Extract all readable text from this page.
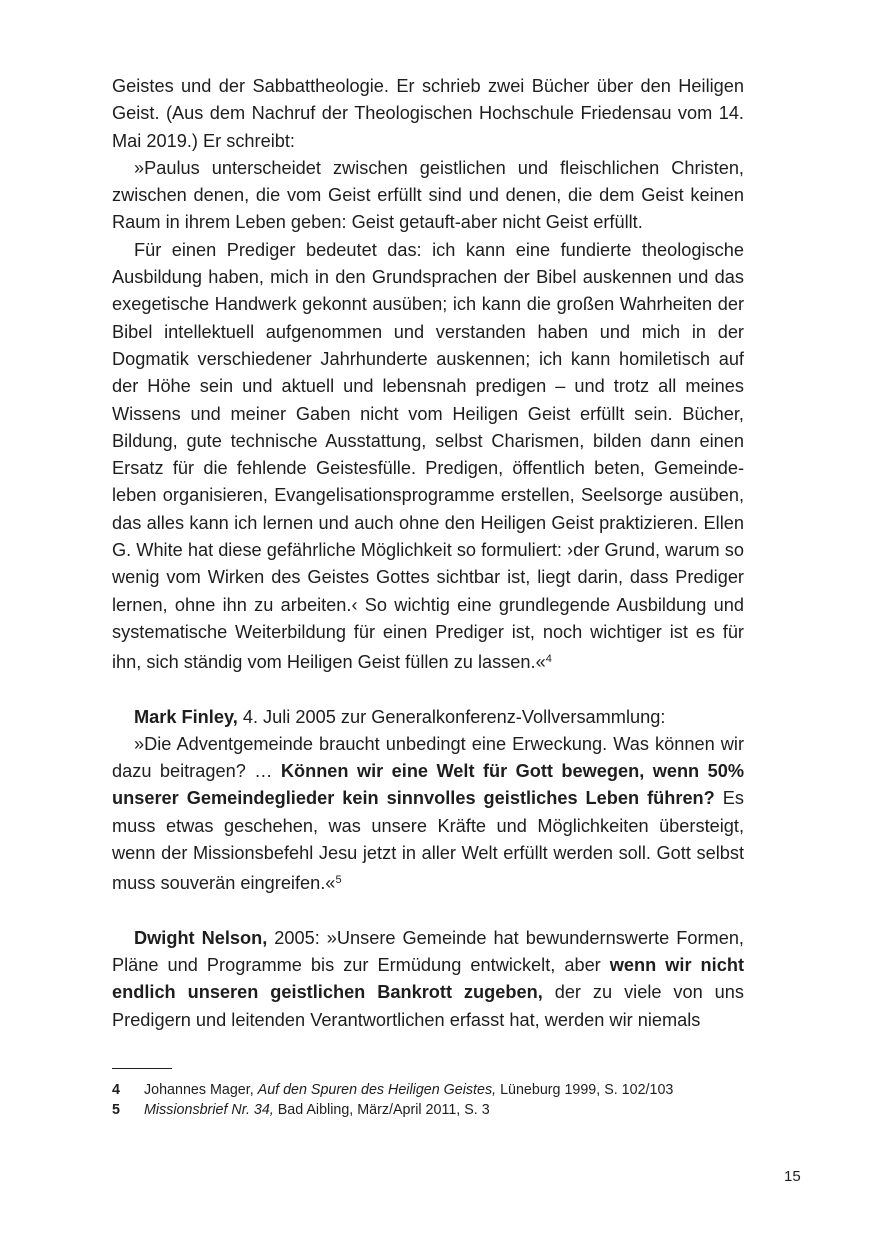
Geistes und der Sabbattheologie. Er schrieb zwei Bücher über den Heiligen Geist. (Aus dem Nachruf der Theologischen Hochschule Friedensau vom 14. Mai 2019.) Er schreibt:

»Paulus unterscheidet zwischen geistlichen und fleischlichen Christen, zwischen denen, die vom Geist erfüllt sind und denen, die dem Geist keinen Raum in ihrem Leben geben: Geist getauft-aber nicht Geist erfüllt.

Für einen Prediger bedeutet das: ich kann eine fundierte theologische Ausbildung haben, mich in den Grundsprachen der Bibel auskennen und das exegetische Handwerk gekonnt ausüben; ich kann die großen Wahrheiten der Bibel intellektuell aufgenommen und verstanden haben und mich in der Dogmatik verschiedener Jahrhunderte auskennen; ich kann homiletisch auf der Höhe sein und aktuell und lebensnah predigen – und trotz all meines Wissens und meiner Gaben nicht vom Heiligen Geist erfüllt sein. Bücher, Bildung, gute technische Ausstattung, selbst Charismen, bilden dann einen Ersatz für die fehlende Geistesfülle. Predigen, öffentlich beten, Gemeindeleben organisieren, Evangelisationsprogramme erstellen, Seelsorge ausüben, das alles kann ich lernen und auch ohne den Heiligen Geist praktizieren. Ellen G. White hat diese gefährliche Möglichkeit so formuliert: ›der Grund, warum so wenig vom Wirken des Geistes Gottes sichtbar ist, liegt darin, dass Prediger lernen, ohne ihn zu arbeiten.‹ So wichtig eine grundlegende Ausbildung und systematische Weiterbildung für einen Prediger ist, noch wichtiger ist es für ihn, sich ständig vom Heiligen Geist füllen zu lassen.«$^4$

Mark Finley, 4. Juli 2005 zur Generalkonferenz-Vollversammlung:

»Die Adventgemeinde braucht unbedingt eine Erweckung. Was können wir dazu beitragen? … Können wir eine Welt für Gott bewegen, wenn 50% unserer Gemeindeglieder kein sinnvolles geistliches Leben führen? Es muss etwas geschehen, was unsere Kräfte und Möglichkeiten übersteigt, wenn der Missionsbefehl Jesu jetzt in aller Welt erfüllt werden soll. Gott selbst muss souverän eingreifen.«$^5$

Dwight Nelson, 2005: »Unsere Gemeinde hat bewundernswerte Formen, Pläne und Programme bis zur Ermüdung entwickelt, aber wenn wir nicht endlich unseren geistlichen Bankrott zugeben, der zu viele von uns Predigern und leitenden Verantwortlichen erfasst hat, werden wir niemals

4	Johannes Mager, Auf den Spuren des Heiligen Geistes, Lüneburg 1999, S. 102/103
5	Missionsbrief Nr. 34, Bad Aibling, März/April 2011, S. 3
15
